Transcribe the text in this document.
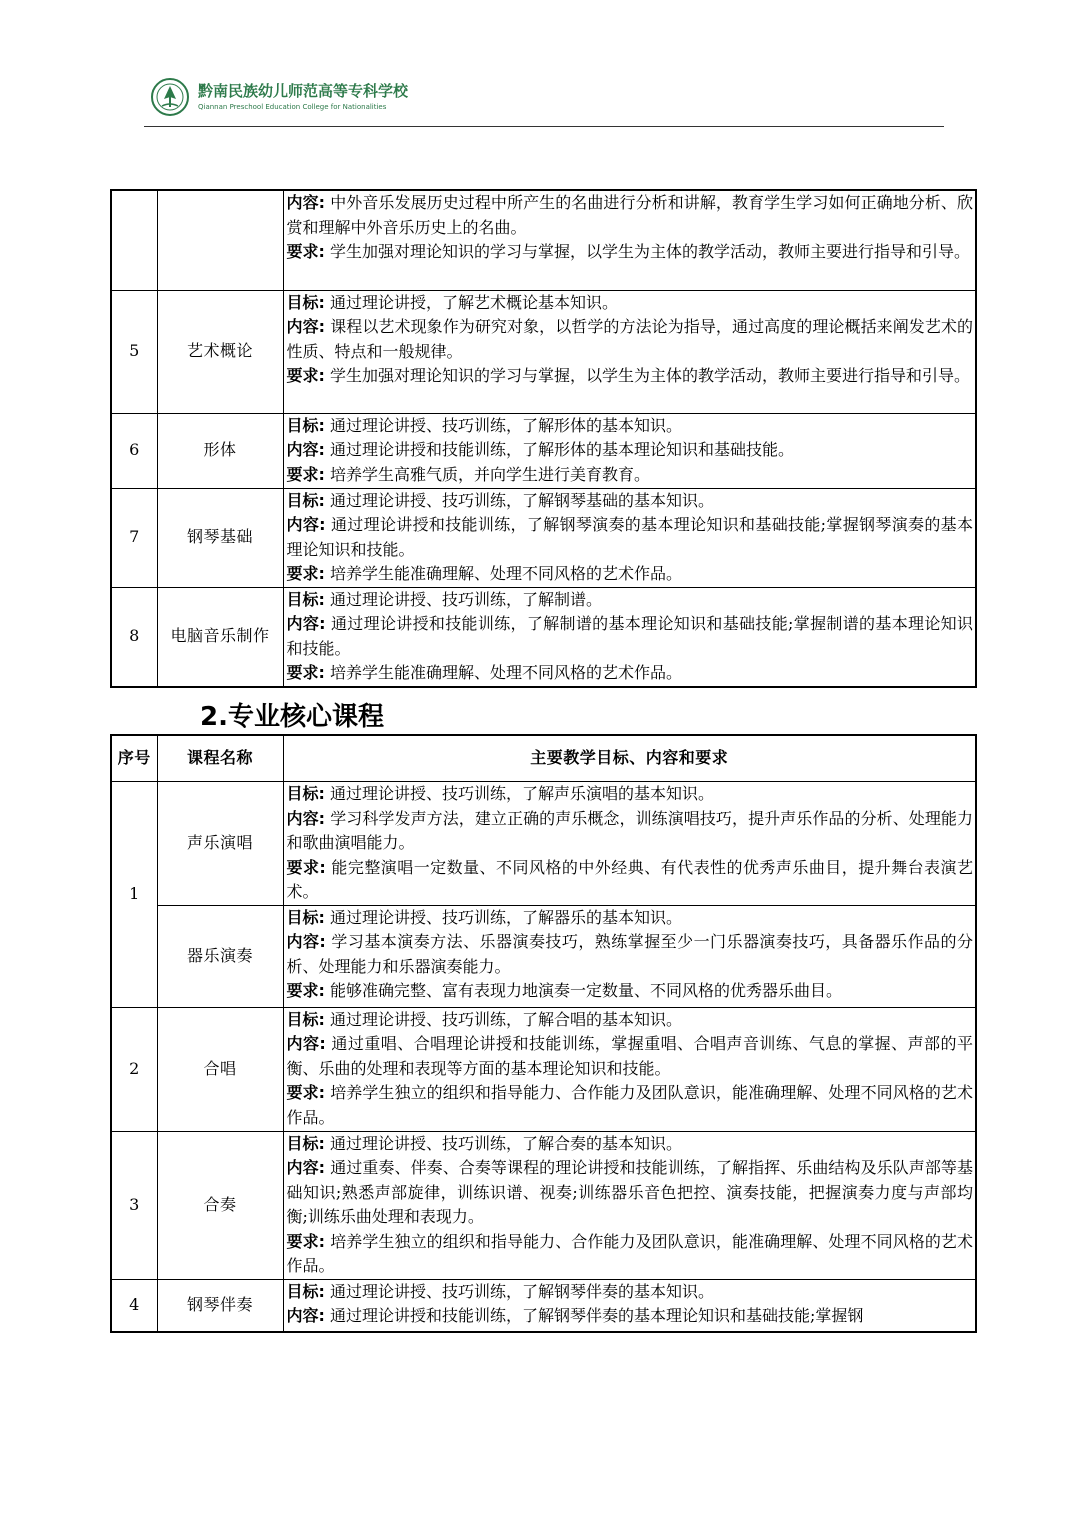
黔南民族幼儿师范高等专科学校
Qiannan Preschool Education College for Nationalities

		内容: 中外音乐发展历史过程中所产生的名曲进行分析和讲解，教育学生学习如何正确地分析、欣赏和理解中外音乐历史上的名曲。

要求: 学生加强对理论知识的学习与掌握，以学生为主体的教学活动，教师主要进行指导和引导。

5	艺术概论	目标: 通过理论讲授，了解艺术概论基本知识。

内容: 课程以艺术现象作为研究对象，以哲学的方法论为指导，通过高度的理论概括来阐发艺术的性质、特点和一般规律。

要求: 学生加强对理论知识的学习与掌握，以学生为主体的教学活动，教师主要进行指导和引导。

6	形体	目标: 通过理论讲授、技巧训练，了解形体的基本知识。

内容: 通过理论讲授和技能训练，了解形体的基本理论知识和基础技能。

要求: 培养学生高雅气质，并向学生进行美育教育。

7	钢琴基础	目标: 通过理论讲授、技巧训练，了解钢琴基础的基本知识。

内容: 通过理论讲授和技能训练，了解钢琴演奏的基本理论知识和基础技能;掌握钢琴演奏的基本理论知识和技能。

要求: 培养学生能准确理解、处理不同风格的艺术作品。

8	电脑音乐制作	目标: 通过理论讲授、技巧训练，了解制谱。

内容: 通过理论讲授和技能训练，了解制谱的基本理论知识和基础技能;掌握制谱的基本理论知识和技能。

要求: 培养学生能准确理解、处理不同风格的艺术作品。

2.专业核心课程
序号	课程名称	主要教学目标、内容和要求
1	声乐演唱	目标: 通过理论讲授、技巧训练，了解声乐演唱的基本知识。

内容: 学习科学发声方法，建立正确的声乐概念，训练演唱技巧，提升声乐作品的分析、处理能力和歌曲演唱能力。

要求: 能完整演唱一定数量、不同风格的中外经典、有代表性的优秀声乐曲目，提升舞台表演艺术。

	器乐演奏	目标: 通过理论讲授、技巧训练，了解器乐的基本知识。

内容: 学习基本演奏方法、乐器演奏技巧，熟练掌握至少一门乐器演奏技巧，具备器乐作品的分析、处理能力和乐器演奏能力。

要求: 能够准确完整、富有表现力地演奏一定数量、不同风格的优秀器乐曲目。

2	合唱	目标: 通过理论讲授、技巧训练，了解合唱的基本知识。

内容: 通过重唱、合唱理论讲授和技能训练，掌握重唱、合唱声音训练、气息的掌握、声部的平衡、乐曲的处理和表现等方面的基本理论知识和技能。

要求: 培养学生独立的组织和指导能力、合作能力及团队意识，能准确理解、处理不同风格的艺术作品。

3	合奏	目标: 通过理论讲授、技巧训练，了解合奏的基本知识。

内容: 通过重奏、伴奏、合奏等课程的理论讲授和技能训练，了解指挥、乐曲结构及乐队声部等基础知识;熟悉声部旋律，训练识谱、视奏;训练器乐音色把控、演奏技能，把握演奏力度与声部均衡;训练乐曲处理和表现力。

要求: 培养学生独立的组织和指导能力、合作能力及团队意识，能准确理解、处理不同风格的艺术作品。

4	钢琴伴奏	目标: 通过理论讲授、技巧训练，了解钢琴伴奏的基本知识。

内容: 通过理论讲授和技能训练，了解钢琴伴奏的基本理论知识和基础技能;掌握钢
